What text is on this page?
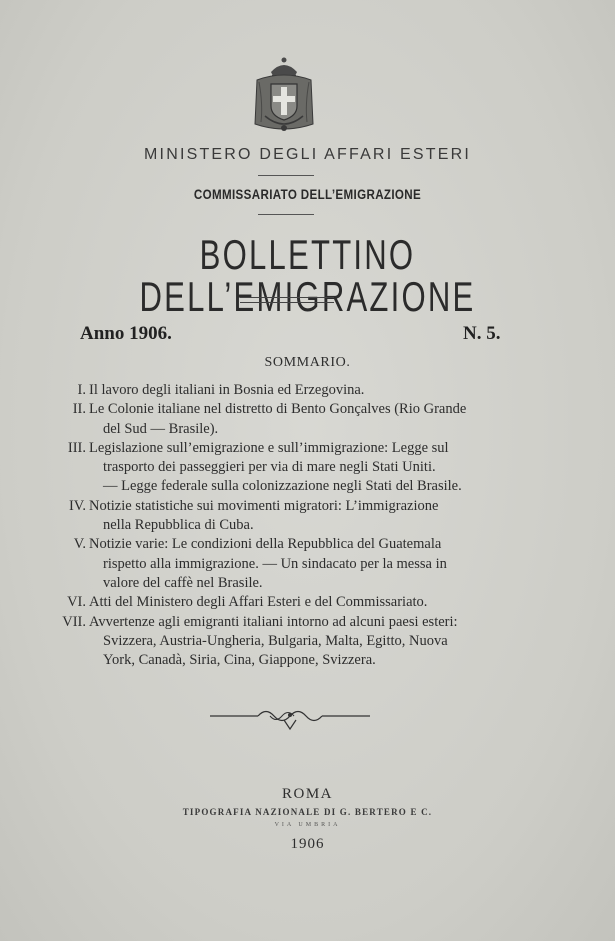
MINISTERO DEGLI AFFARI ESTERI
COMMISSARIATO DELL’EMIGRAZIONE
BOLLETTINO DELL’EMIGRAZIONE
Anno 1906.	N. 5.
SOMMARIO.
I. Il lavoro degli italiani in Bosnia ed Erzegovina.
II. Le Colonie italiane nel distretto di Bento Gonçalves (Rio Grande
del Sud — Brasile).
III. Legislazione sull’emigrazione e sull’immigrazione: Legge sul
trasporto dei passeggieri per via di mare negli Stati Uniti.
— Legge federale sulla colonizzazione negli Stati del Brasile.
IV. Notizie statistiche sui movimenti migratori: L’immigrazione
nella Repubblica di Cuba.
V. Notizie varie: Le condizioni della Repubblica del Guatemala
rispetto alla immigrazione. — Un sindacato per la messa in
valore del caffè nel Brasile.
VI. Atti del Ministero degli Affari Esteri e del Commissariato.
VII. Avvertenze agli emigranti italiani intorno ad alcuni paesi esteri:
Svizzera, Austria-Ungheria, Bulgaria, Malta, Egitto, Nuova
York, Canadà, Siria, Cina, Giappone, Svizzera.
ROMA
TIPOGRAFIA NAZIONALE DI G. BERTERO E C.
VIA UMBRIA
1906
